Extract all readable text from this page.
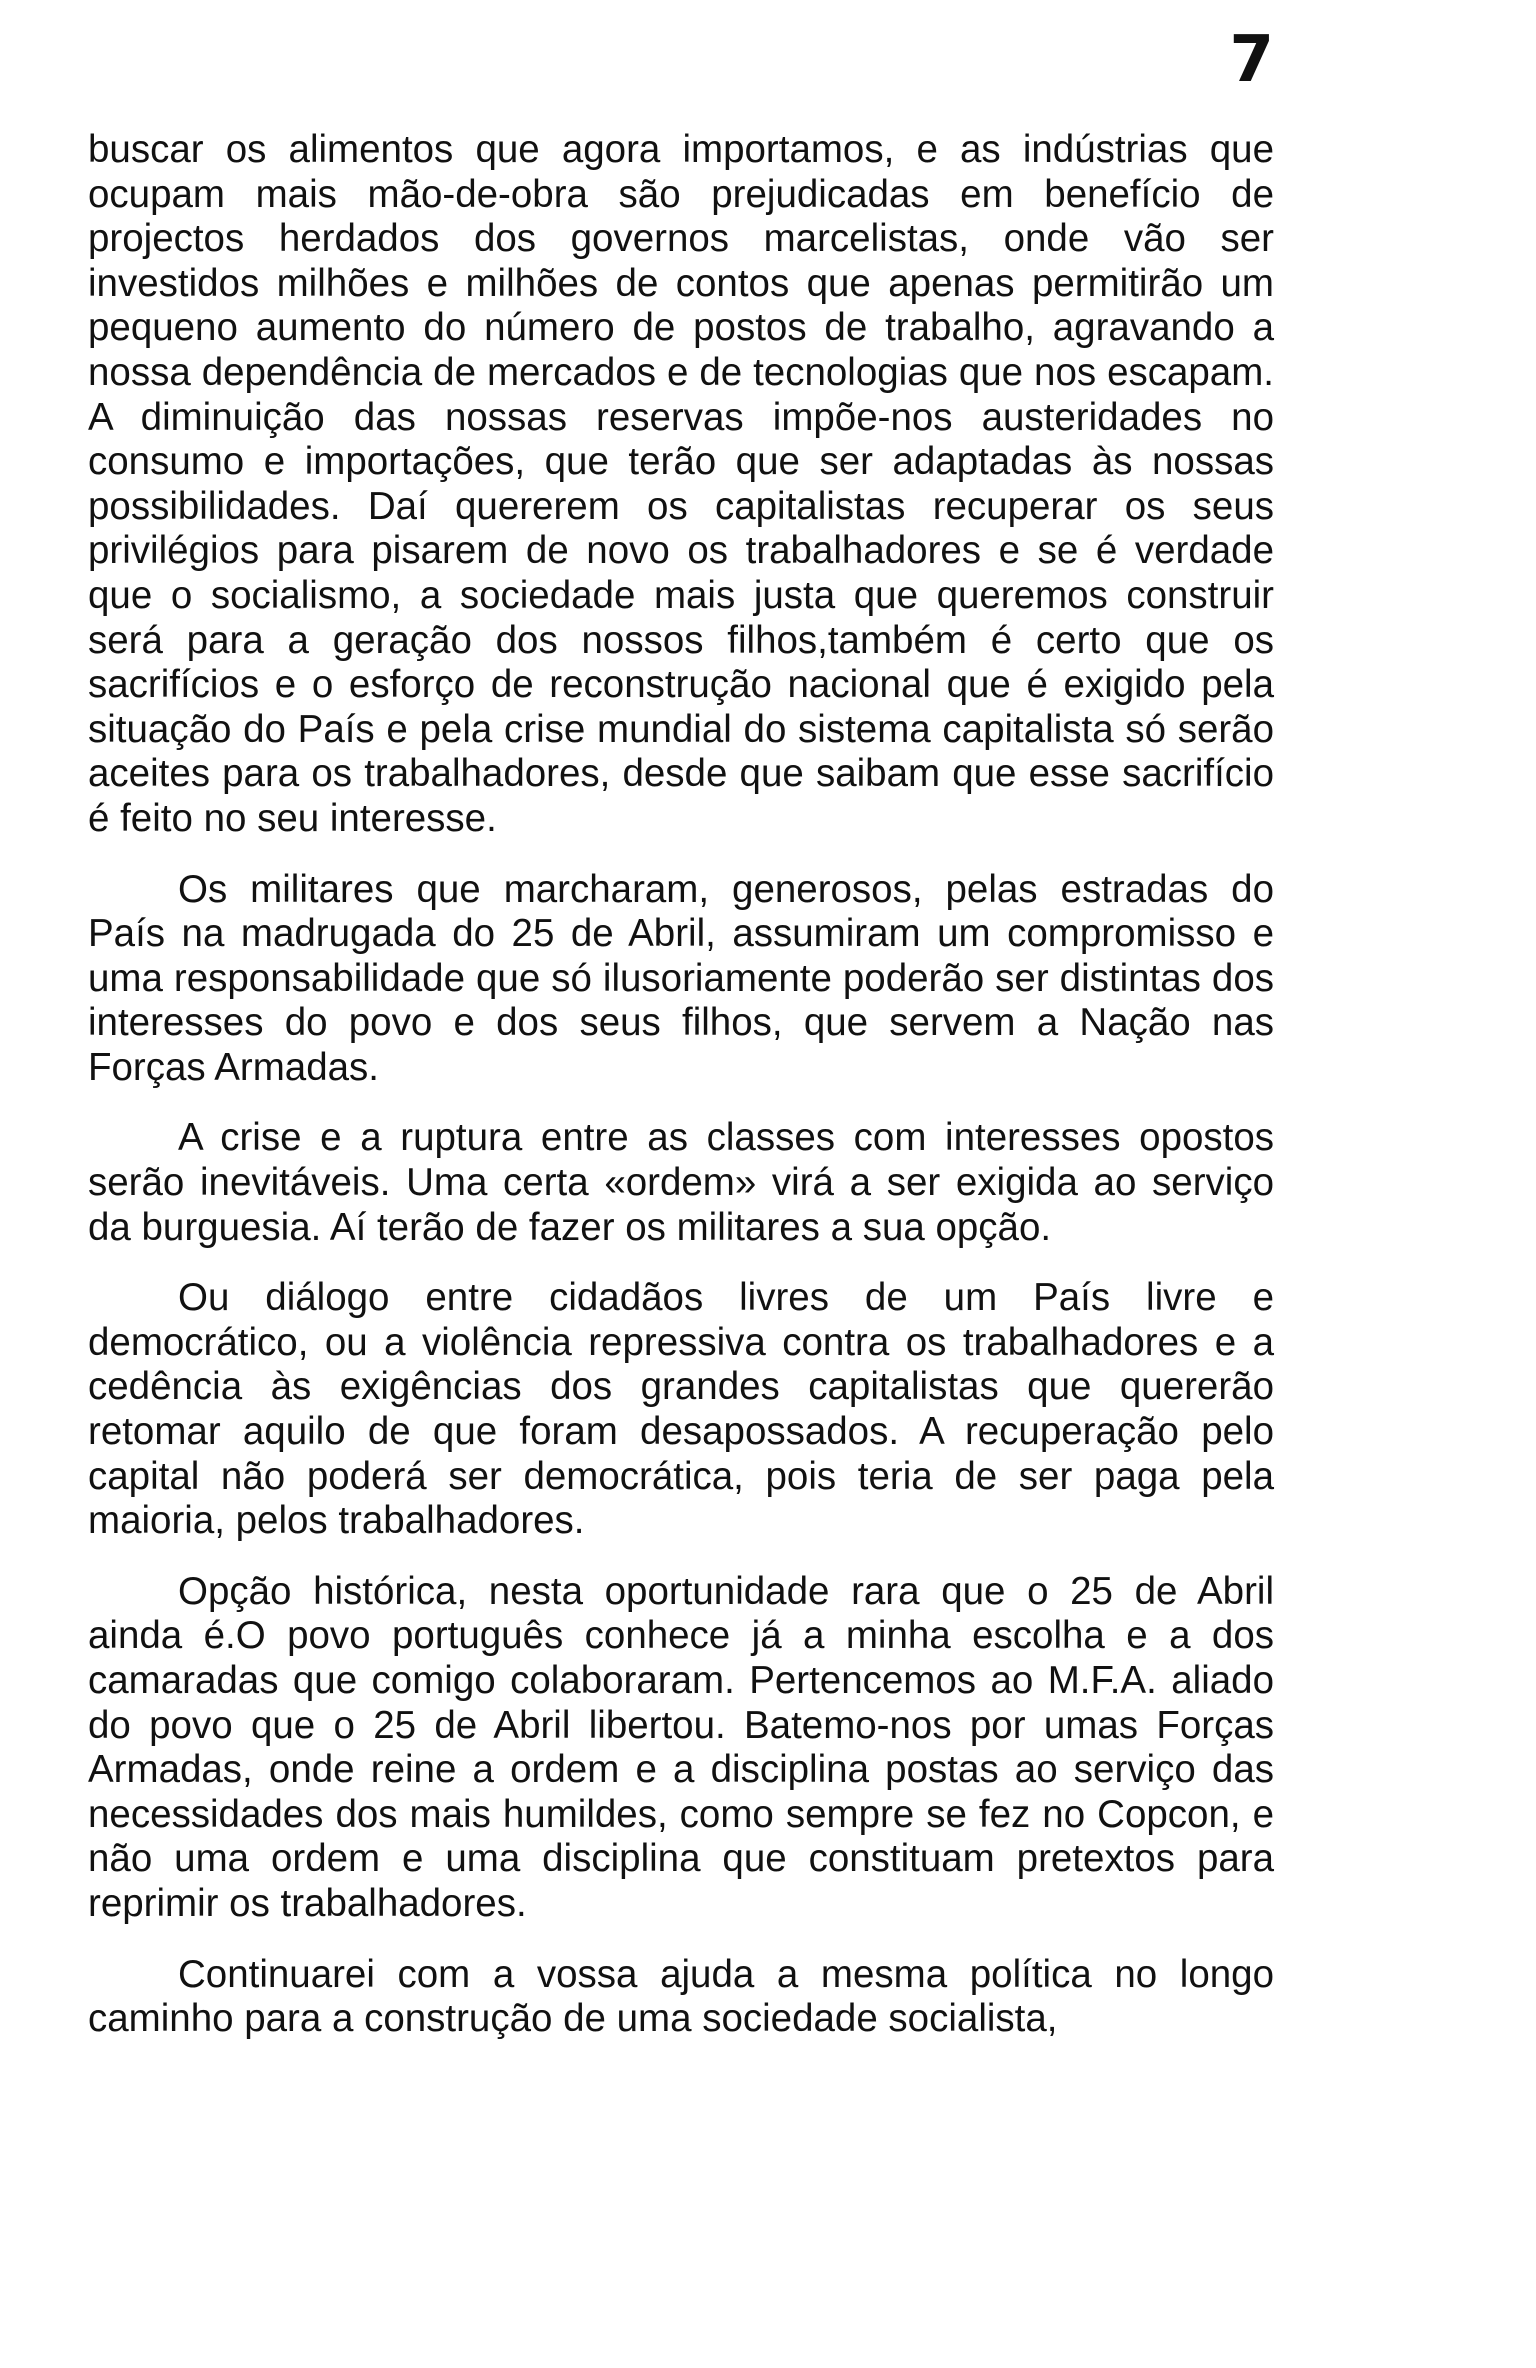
7

buscar os alimentos que agora importamos, e as indústrias que ocupam mais mão-de-obra são prejudicadas em benefício de projectos herdados dos governos marcelistas, onde vão ser investidos milhões e milhões de contos que apenas permitirão um pequeno aumento do número de postos de trabalho, agravando a nossa dependência de mercados e de tecnologias que nos escapam. A diminuição das nossas reservas impõe-nos austeridades no consumo e importações, que terão que ser adaptadas às nossas possibilidades. Daí quererem os capitalistas recuperar os seus privilégios para pisarem de novo os trabalhadores e se é verdade que o socialismo, a sociedade mais justa que queremos construir será para a geração dos nossos filhos,também é certo que os sacrifícios e o esforço de reconstrução nacional que é exigido pela situação do País e pela crise mundial do sistema capitalista só serão aceites para os trabalhadores, desde que saibam que esse sacrifício é feito no seu interesse.

Os militares que marcharam, generosos, pelas estradas do País na madrugada do 25 de Abril, assumiram um compromisso e uma responsabilidade que só ilusoriamente poderão ser distintas dos interesses do povo e dos seus filhos, que servem a Nação nas Forças Armadas.

A crise e a ruptura entre as classes com interesses opostos serão inevitáveis. Uma certa «ordem» virá a ser exigida ao serviço da burguesia. Aí terão de fazer os militares a sua opção.

Ou diálogo entre cidadãos livres de um País livre e democrático, ou a violência repressiva contra os trabalhadores e a cedência às exigências dos grandes capitalistas que quererão retomar aquilo de que foram desapossados. A recuperação pelo capital não poderá ser democrática, pois teria de ser paga pela maioria, pelos trabalhadores.

Opção histórica, nesta oportunidade rara que o 25 de Abril ainda é.O povo português conhece já a minha escolha e a dos camaradas que comigo colaboraram. Pertencemos ao M.F.A. aliado do povo que o 25 de Abril libertou. Batemo-nos por umas Forças Armadas, onde reine a ordem e a disciplina postas ao serviço das necessidades dos mais humildes, como sempre se fez no Copcon, e não uma ordem e uma disciplina que constituam pretextos para reprimir os trabalhadores.

Continuarei com a vossa ajuda a mesma política no longo caminho para a construção de uma sociedade socialista,
